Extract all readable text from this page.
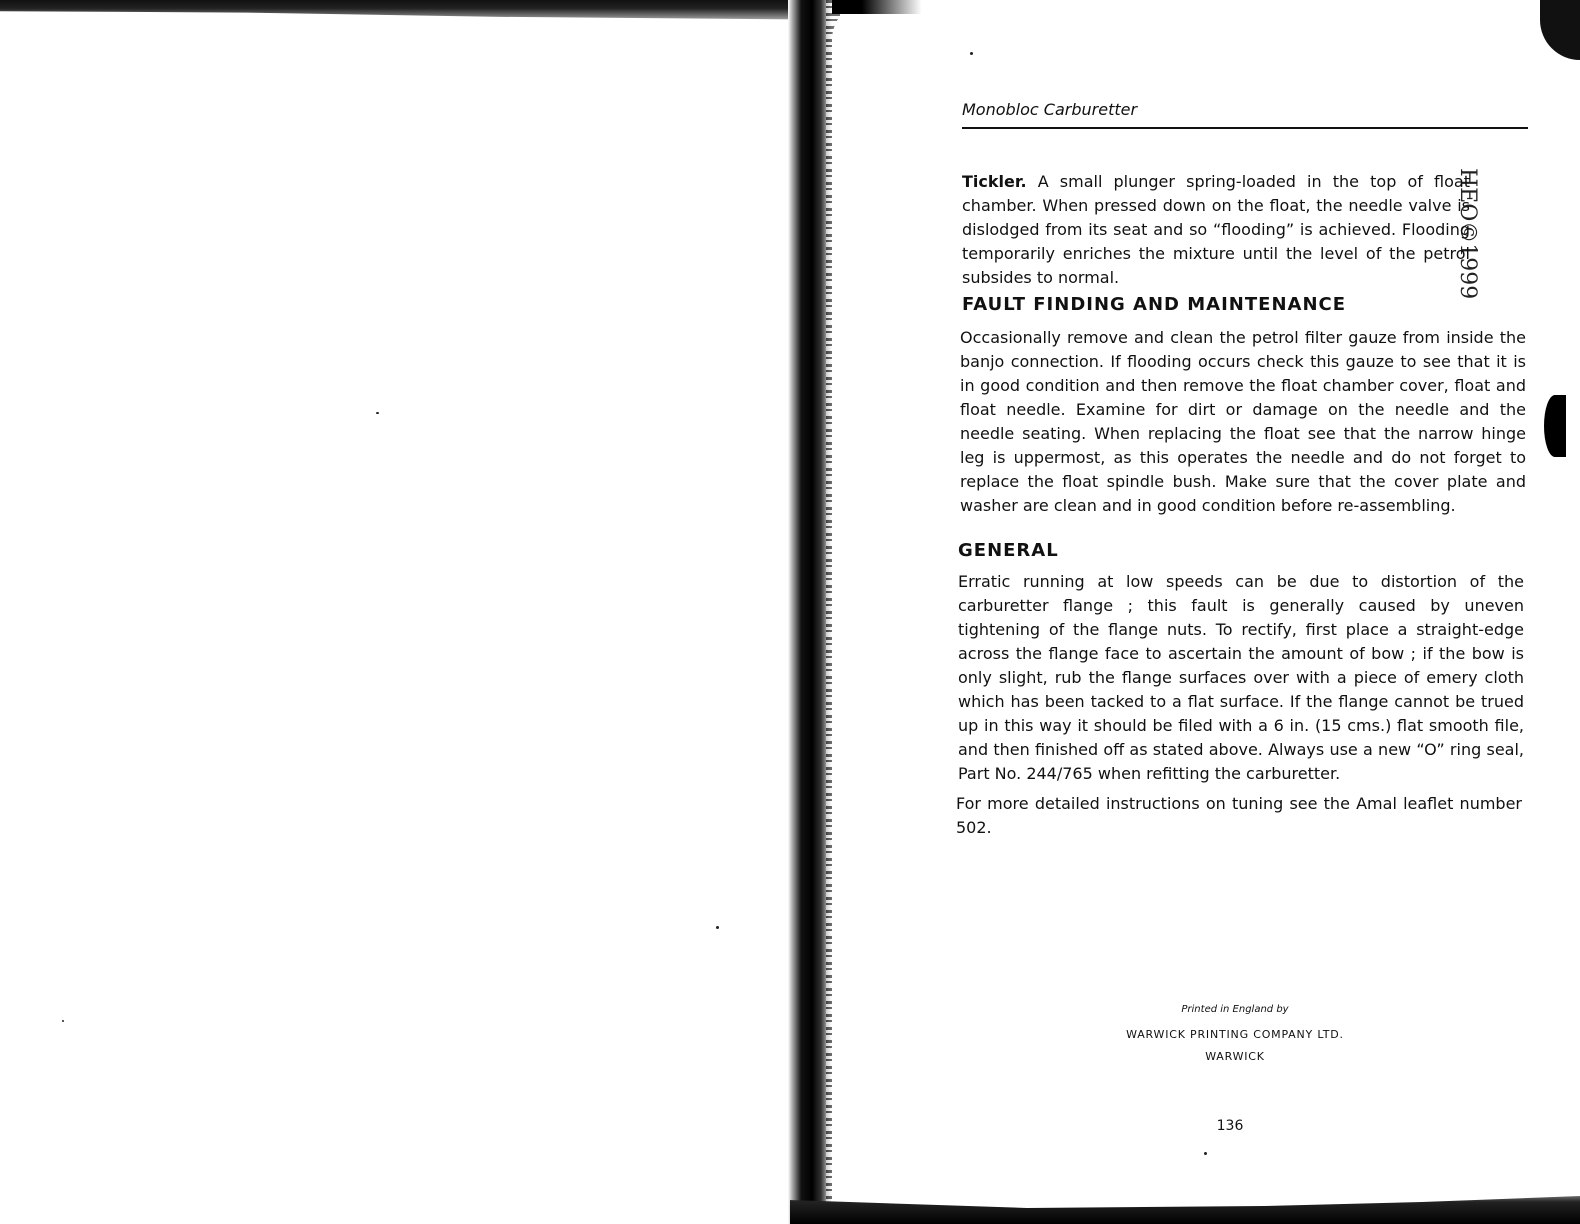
Monobloc Carburetter
HEO©1999

Tickler. A small plunger spring-loaded in the top of float chamber. When pressed down on the float, the needle valve is dislodged from its seat and so “flooding” is achieved. Flooding temporarily enriches the mixture until the level of the petrol subsides to normal.

FAULT FINDING AND MAINTENANCE

Occasionally remove and clean the petrol filter gauze from inside the banjo connection. If flooding occurs check this gauze to see that it is in good condition and then remove the float chamber cover, float and float needle. Examine for dirt or damage on the needle and the needle seating. When replacing the float see that the narrow hinge leg is uppermost, as this operates the needle and do not forget to replace the float spindle bush. Make sure that the cover plate and washer are clean and in good condition before re-assembling.

GENERAL

Erratic running at low speeds can be due to distortion of the carburetter flange ; this fault is generally caused by uneven tightening of the flange nuts. To rectify, first place a straight-edge across the flange face to ascertain the amount of bow ; if the bow is only slight, rub the flange surfaces over with a piece of emery cloth which has been tacked to a flat surface. If the flange cannot be trued up in this way it should be filed with a 6 in. (15 cms.) flat smooth file, and then finished off as stated above. Always use a new “O” ring seal, Part No. 244/765 when refitting the carburetter.

For more detailed instructions on tuning see the Amal leaflet number 502.

Printed in England by

WARWICK PRINTING COMPANY LTD.

WARWICK

136
